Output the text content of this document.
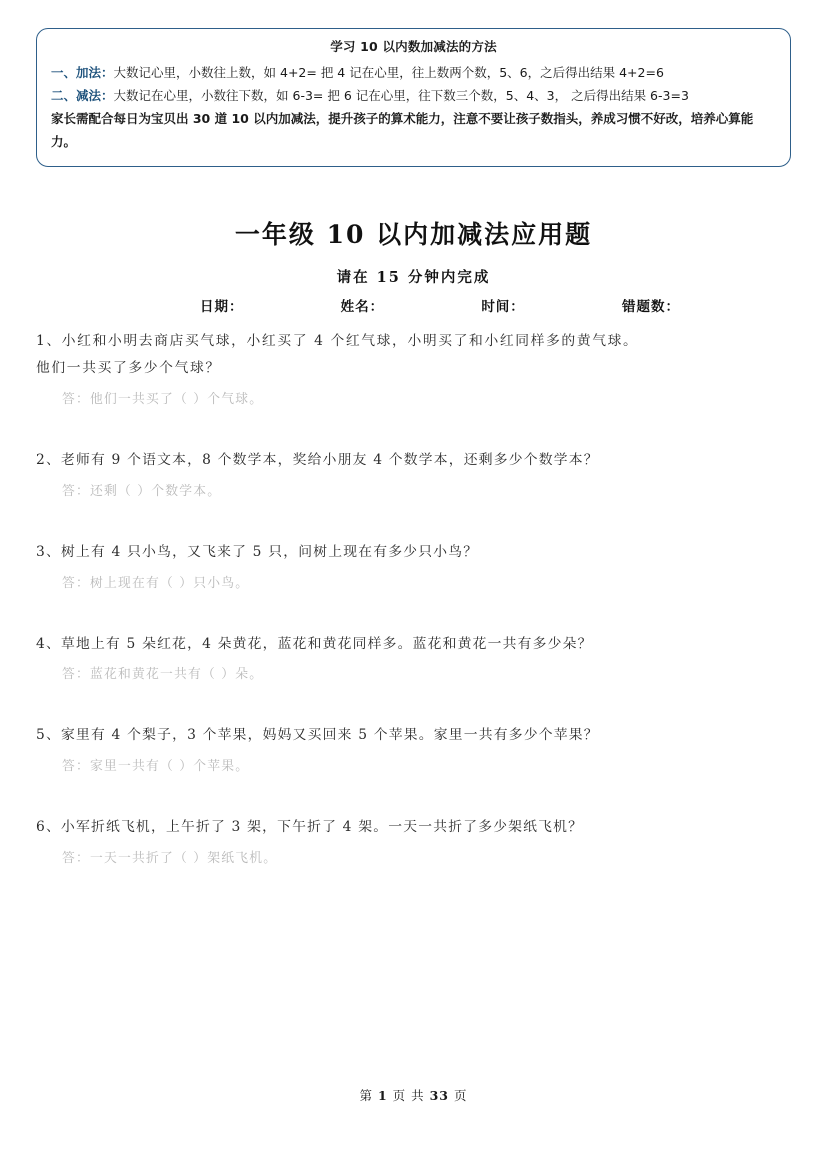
学习 10 以内数加减法的方法
一、加法：大数记心里，小数往上数，如 4+2= 把 4 记在心里，往上数两个数，5、6，之后得出结果 4+2=6
二、减法：大数记在心里，小数往下数，如 6-3= 把 6 记在心里，往下数三个数，5、4、3， 之后得出结果 6-3=3
家长需配合每日为宝贝出 30 道 10 以内加减法，提升孩子的算术能力，注意不要让孩子数指头，养成习惯不好改，培养心算能力。
一年级 10 以内加减法应用题
请在 15 分钟内完成
日期：	姓名：	时间：	错题数：
1、小红和小明去商店买气球，小红买了 4 个红气球，小明买了和小红同样多的黄气球。
他们一共买了多少个气球？
答：他们一共买了（ ）个气球。
2、老师有 9 个语文本，8 个数学本，奖给小朋友 4 个数学本，还剩多少个数学本？
答：还剩（ ）个数学本。
3、树上有 4 只小鸟，又飞来了 5 只，问树上现在有多少只小鸟？
答：树上现在有（ ）只小鸟。
4、草地上有 5 朵红花，4 朵黄花，蓝花和黄花同样多。蓝花和黄花一共有多少朵？
答：蓝花和黄花一共有（ ）朵。
5、家里有 4 个梨子，3 个苹果，妈妈又买回来 5 个苹果。家里一共有多少个苹果？
答：家里一共有（ ）个苹果。
6、小军折纸飞机，上午折了 3 架，下午折了 4 架。一天一共折了多少架纸飞机？
答：一天一共折了（ ）架纸飞机。
第 1 页 共 33 页
